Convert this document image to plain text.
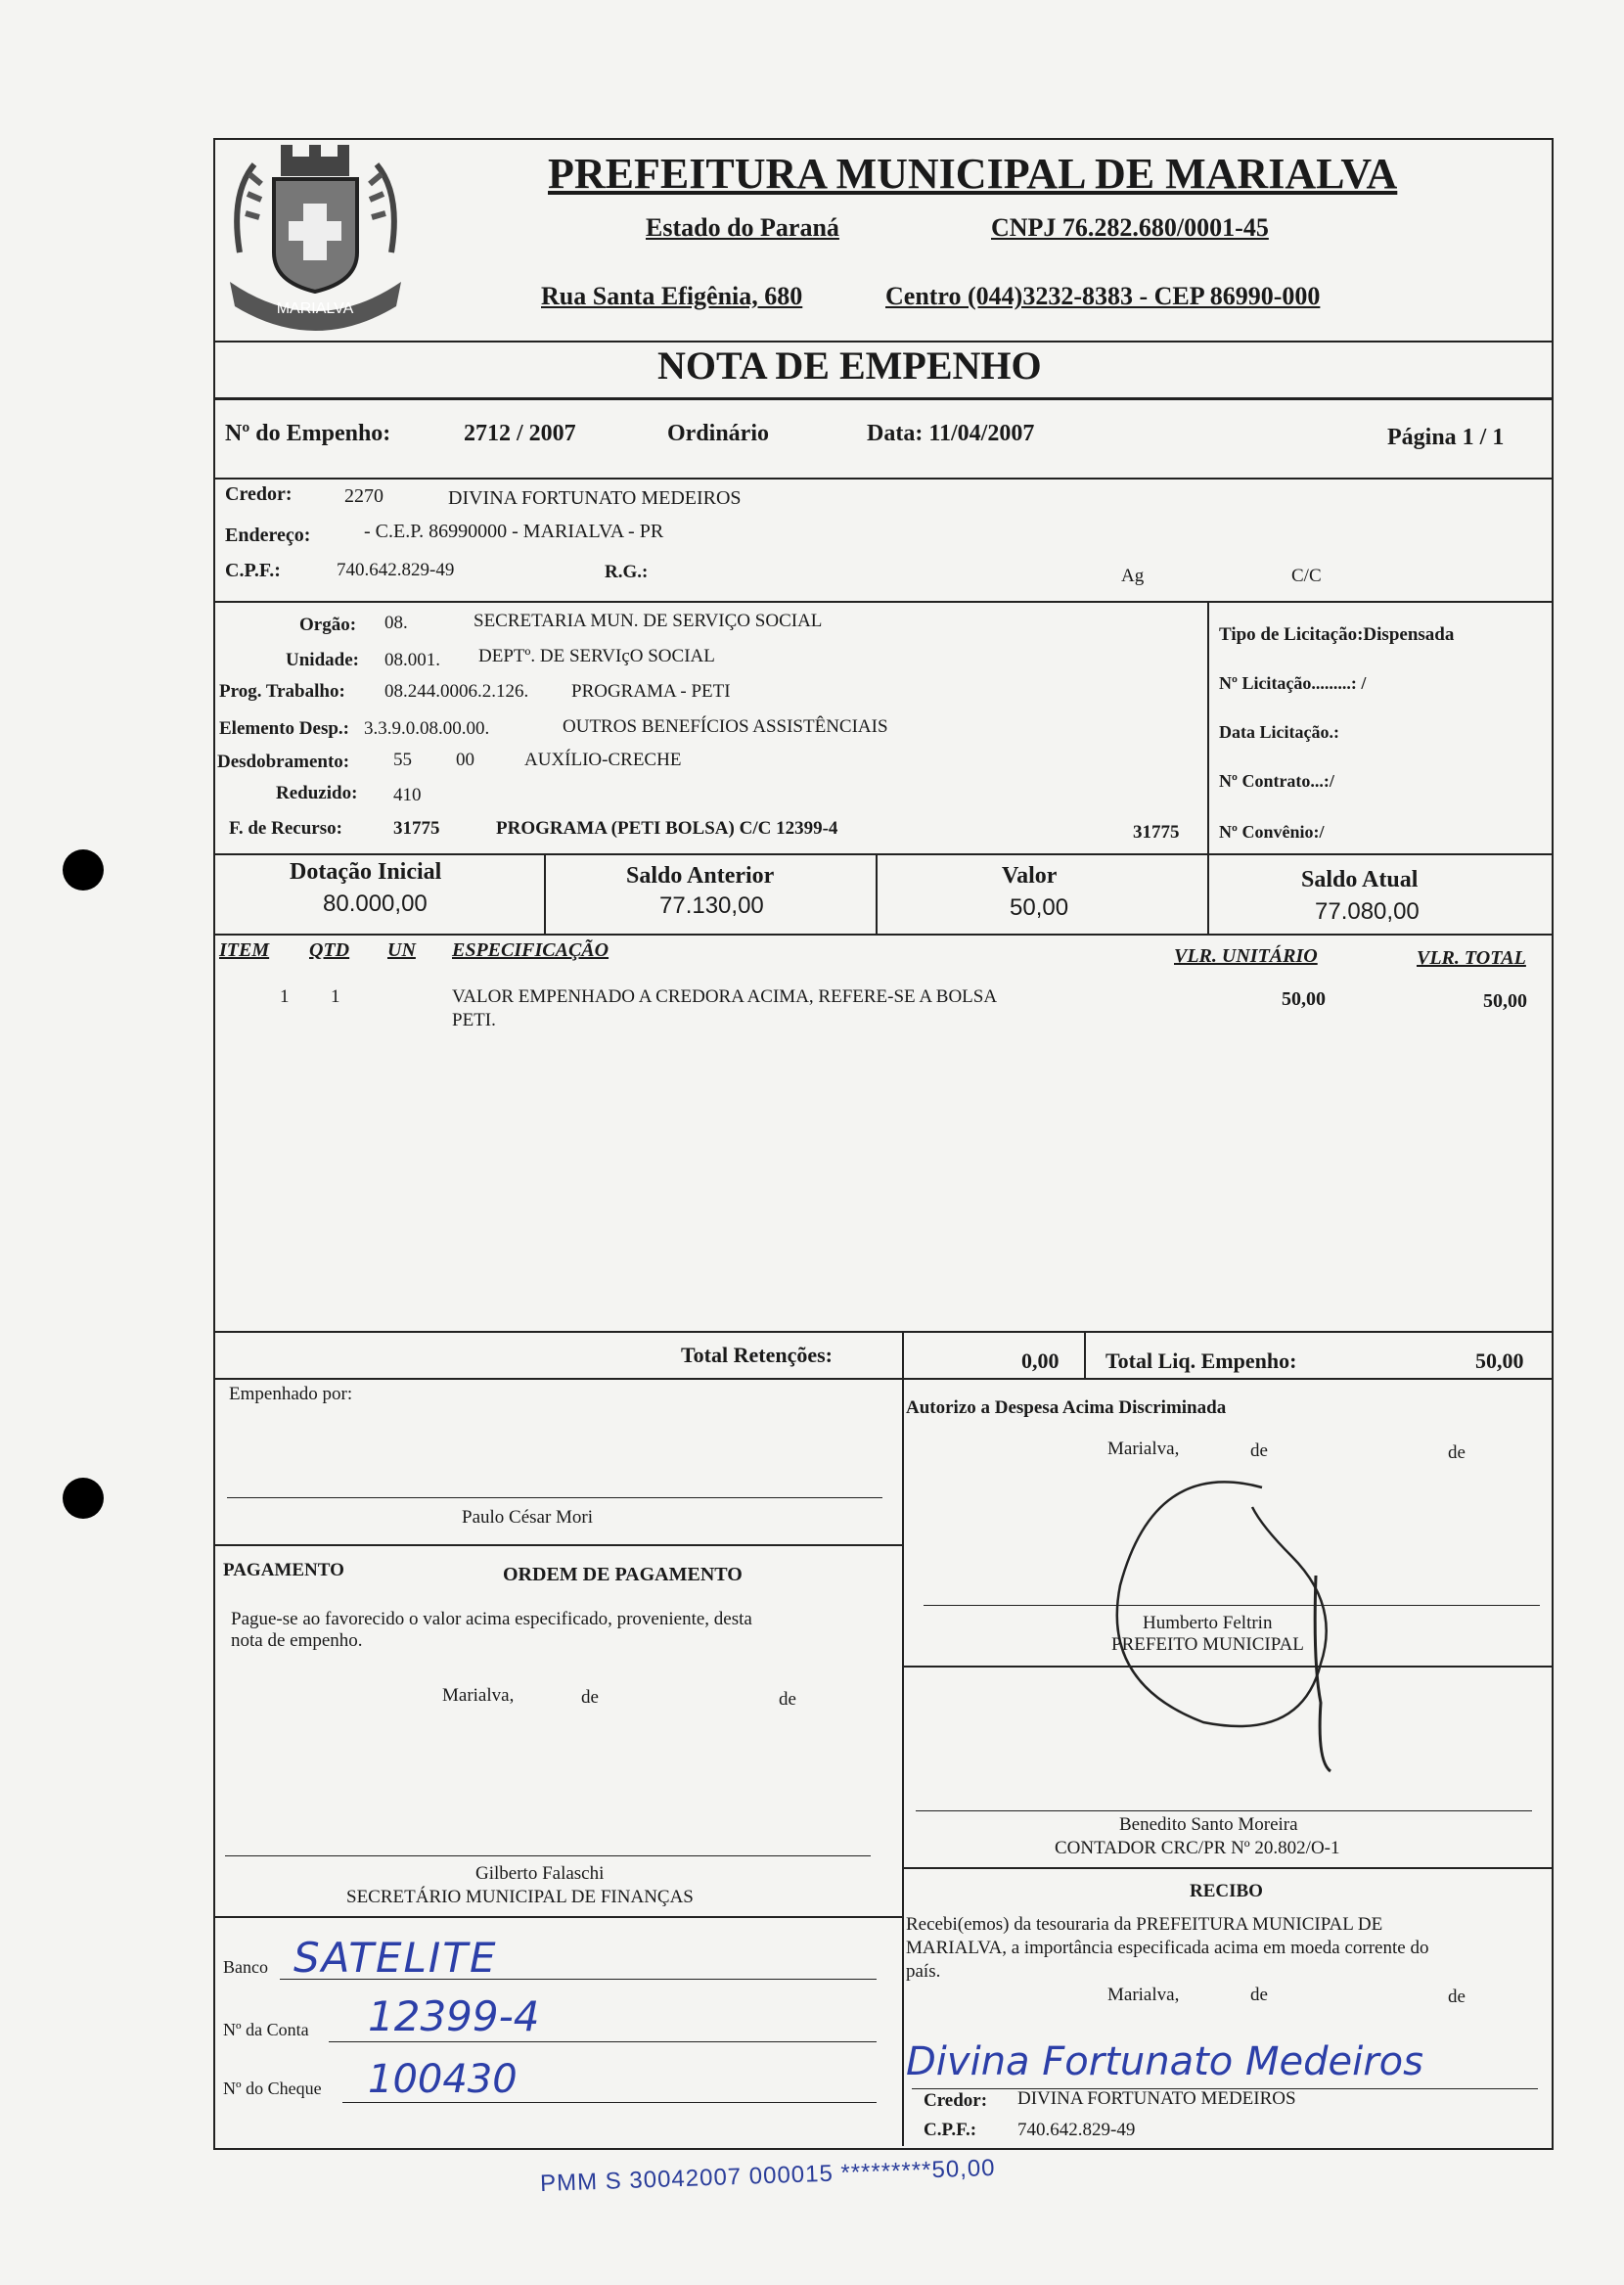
MARIALVA
PREFEITURA MUNICIPAL DE MARIALVA
Estado do Paraná	CNPJ 76.282.680/0001-45
Rua Santa Efigênia, 680	Centro (044)3232-8383 - CEP 86990-000
NOTA DE EMPENHO
Nº do Empenho:	2712 / 2007	Ordinário	Data: 11/04/2007	Página 1 / 1
Credor:	2270	DIVINA FORTUNATO MEDEIROS
Endereço:	- C.E.P. 86990000 - MARIALVA - PR
C.P.F.:	740.642.829-49	R.G.:	Ag	C/C
Orgão: 08.	SECRETARIA MUN. DE SERVIÇO SOCIAL
Unidade: 08.001. DEPTº. DE SERVIçO SOCIAL
Prog. Trabalho: 08.244.0006.2.126. PROGRAMA - PETI
Elemento Desp.: 3.3.9.0.08.00.00.	OUTROS BENEFÍCIOS ASSISTÊNCIAIS
Desdobramento: 55 00	AUXÍLIO-CRECHE
Reduzido: 410
F. de Recurso:	31775	PROGRAMA (PETI BOLSA) C/C 12399-4	31775
Tipo de Licitação:Dispensada
Nº Licitação.........: /
Data Licitação.:
Nº Contrato...:/
Nº Convênio:/
Dotação Inicial
80.000,00
Saldo Anterior
77.130,00
Valor
50,00
Saldo Atual
77.080,00
ITEM QTD UN ESPECIFICAÇÃO	VLR. UNITÁRIO	VLR. TOTAL
1 1	VALOR EMPENHADO A CREDORA ACIMA, REFERE-SE A BOLSA
PETI.
50,00	50,00
Total Retenções:	0,00 Total Liq. Empenho:	50,00
Empenhado por:
Paulo César Mori
PAGAMENTO	ORDEM DE PAGAMENTO
Pague-se ao favorecido o valor acima especificado, proveniente, desta
nota de empenho.
Marialva,	de	de
Gilberto Falaschi
SECRETÁRIO MUNICIPAL DE FINANÇAS
Banco SATELITE
Nº da Conta 12399-4
Nº do Cheque 100430
Autorizo a Despesa Acima Discriminada
Marialva,	de	de
Humberto Feltrin
PREFEITO MUNICIPAL
Benedito Santo Moreira
CONTADOR CRC/PR Nº 20.802/O-1
RECIBO
Recebi(emos) da tesouraria da PREFEITURA MUNICIPAL DE
MARIALVA, a importância especificada acima em moeda corrente do
país.
Marialva,	de	de
Divina Fortunato Medeiros
Credor: DIVINA FORTUNATO MEDEIROS
C.P.F.: 740.642.829-49
PMM S 30042007 000015 *********50,00
